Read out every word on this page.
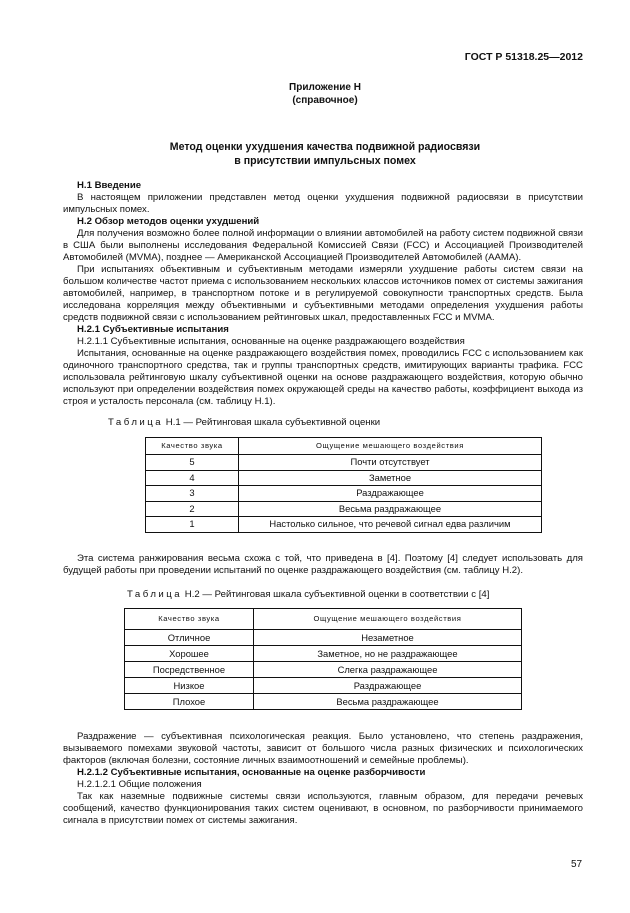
ГОСТ Р 51318.25—2012
Приложение Н
(справочное)
Метод оценки ухудшения качества подвижной радиосвязи
в присутствии импульсных помех
Н.1 Введение

В настоящем приложении представлен метод оценки ухудшения подвижной радиосвязи в присутствии импульсных помех.

Н.2 Обзор методов оценки ухудшений

Для получения возможно более полной информации о влиянии автомобилей на работу систем подвижной связи в США были выполнены исследования Федеральной Комиссией Связи (FCC) и Ассоциацией Производителей Автомобилей (MVMA), позднее — Американской Ассоциацией Производителей Автомобилей (AAMA).

При испытаниях объективным и субъективным методами измеряли ухудшение работы систем связи на большом количестве частот приема с использованием нескольких классов источников помех от системы зажигания автомобилей, например, в транспортном потоке и в регулируемой совокупности транспортных средств. Была исследована корреляция между объективными и субъективными методами определения ухудшения работы средств подвижной связи с использованием рейтинговых шкал, предоставленных FCC и MVMA.

Н.2.1 Субъективные испытания
Н.2.1.1 Субъективные испытания, основанные на оценке раздражающего воздействия

Испытания, основанные на оценке раздражающего воздействия помех, проводились FCC с использованием как одиночного транспортного средства, так и группы транспортных средств, имитирующих варианты трафика. FCC использовала рейтинговую шкалу субъективной оценки на основе раздражающего воздействия, которую обычно используют при определении воздействия помех окружающей среды на качество работы, коэффициент выхода из строя и усталость персонала (см. таблицу Н.1).

Таблица Н.1 — Рейтинговая шкала субъективной оценки
Качество звука	Ощущение мешающего воздействия
5	Почти отсутствует
4	Заметное
3	Раздражающее
2	Весьма раздражающее
1	Настолько сильное, что речевой сигнал едва различим

Эта система ранжирования весьма схожа с той, что приведена в [4]. Поэтому [4] следует использовать для будущей работы при проведении испытаний по оценке раздражающего воздействия (см. таблицу Н.2).

Таблица Н.2 — Рейтинговая шкала субъективной оценки в соответствии с [4]
Качество звука	Ощущение мешающего воздействия
Отличное	Незаметное
Хорошее	Заметное, но не раздражающее
Посредственное	Слегка раздражающее
Низкое	Раздражающее
Плохое	Весьма раздражающее

Раздражение — субъективная психологическая реакция. Было установлено, что степень раздражения, вызываемого помехами звуковой частоты, зависит от большого числа разных физических и психологических факторов (включая болезни, состояние личных взаимоотношений и семейные проблемы).

Н.2.1.2 Субъективные испытания, основанные на оценке разборчивости
Н.2.1.2.1 Общие положения

Так как наземные подвижные системы связи используются, главным образом, для передачи речевых сообщений, качество функционирования таких систем оценивают, в основном, по разборчивости принимаемого сигнала в присутствии помех от системы зажигания.

57
